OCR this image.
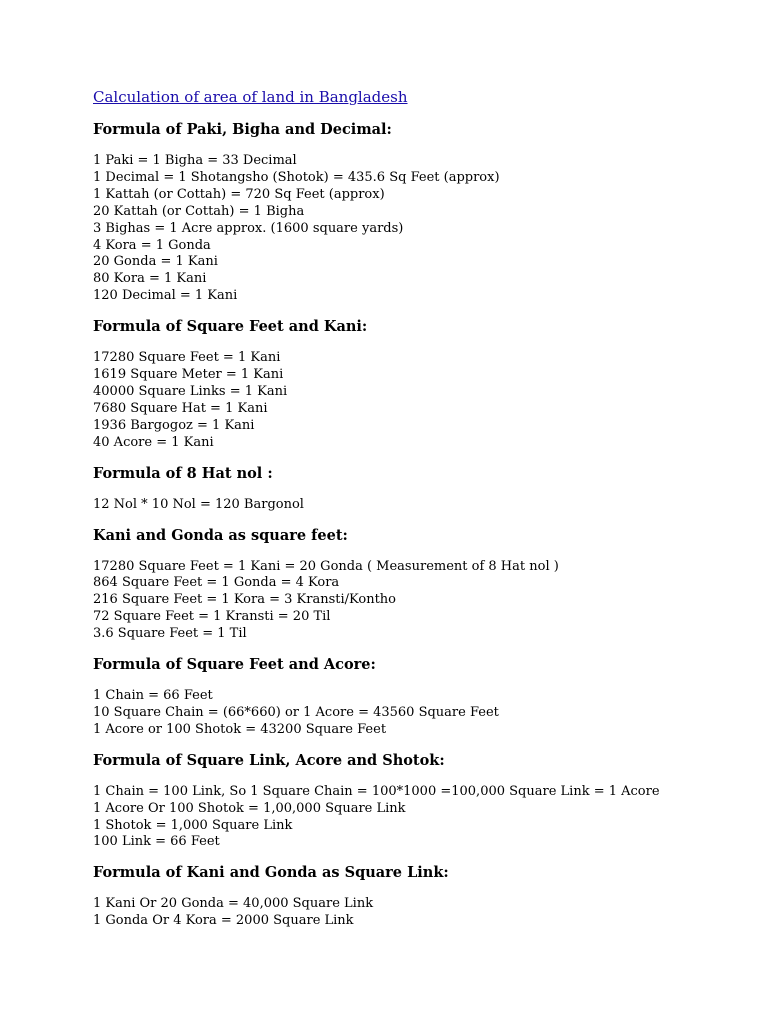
Calculation of area of land in Bangladesh
Formula of Paki, Bigha and Decimal:
1 Paki = 1 Bigha = 33 Decimal
1 Decimal = 1 Shotangsho (Shotok) = 435.6 Sq Feet (approx)
1 Kattah (or Cottah) = 720 Sq Feet (approx)
20 Kattah (or Cottah) = 1 Bigha
3 Bighas = 1 Acre approx. (1600 square yards)
4 Kora = 1 Gonda
20 Gonda = 1 Kani
80 Kora = 1 Kani
120 Decimal = 1 Kani
Formula of Square Feet and Kani:
17280 Square Feet = 1 Kani
1619 Square Meter = 1 Kani
40000 Square Links = 1 Kani
7680 Square Hat = 1 Kani
1936 Bargogoz = 1 Kani
40 Acore = 1 Kani
Formula of 8 Hat nol :
12 Nol * 10 Nol = 120 Bargonol
Kani and Gonda as square feet:
17280 Square Feet = 1 Kani = 20 Gonda ( Measurement of 8 Hat nol )
864 Square Feet = 1 Gonda = 4 Kora
216 Square Feet = 1 Kora = 3 Kransti/Kontho
72 Square Feet = 1 Kransti = 20 Til
3.6 Square Feet = 1 Til
Formula of Square Feet and Acore:
1 Chain = 66 Feet
10 Square Chain = (66*660) or 1 Acore = 43560 Square Feet
1 Acore or 100 Shotok = 43200 Square Feet
Formula of Square Link, Acore and Shotok:
1 Chain = 100 Link, So 1 Square Chain = 100*1000 =100,000 Square Link = 1 Acore
1 Acore Or 100 Shotok = 1,00,000 Square Link
1 Shotok = 1,000 Square Link
100 Link = 66 Feet
Formula of Kani and Gonda as Square Link:
1 Kani Or 20 Gonda = 40,000 Square Link
1 Gonda Or 4 Kora = 2000 Square Link
